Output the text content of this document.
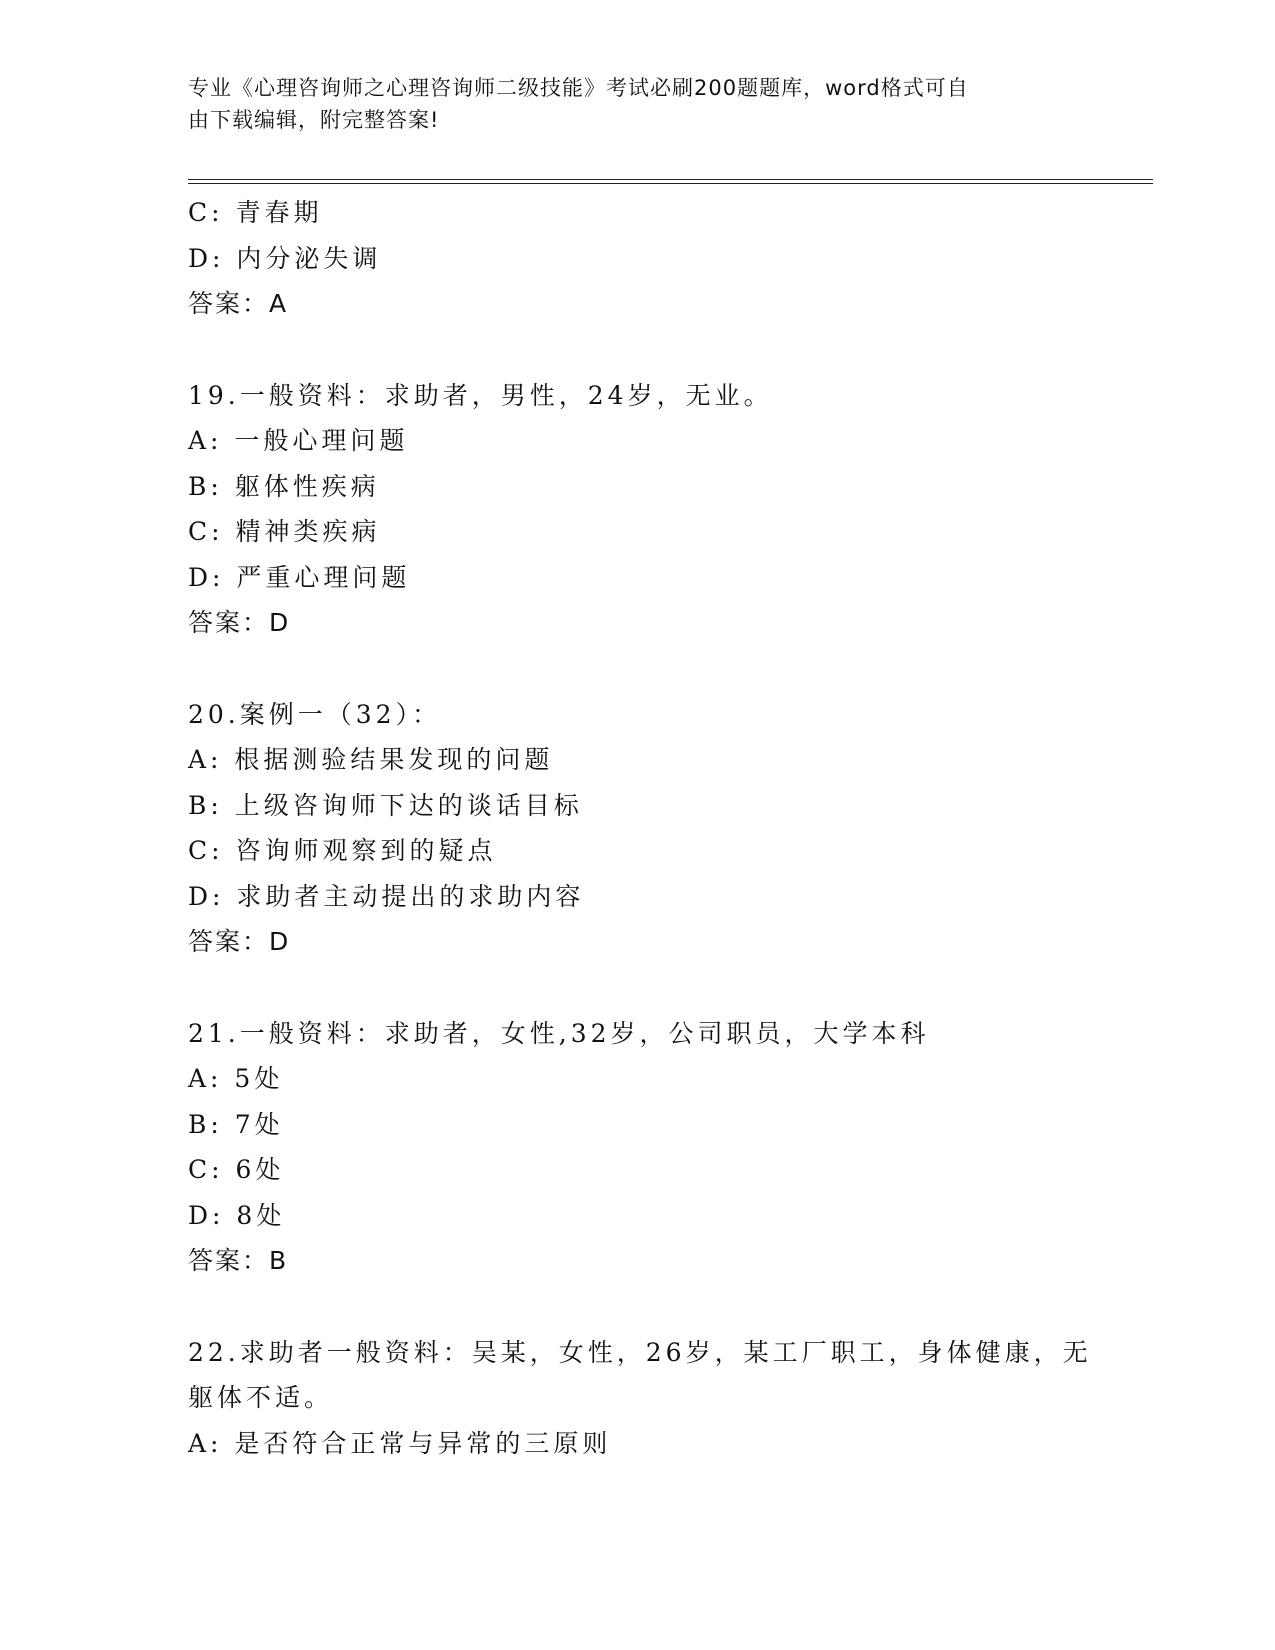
专业《心理咨询师之心理咨询师二级技能》考试必刷200题题库，word格式可自
由下载编辑，附完整答案!
C: 青春期
D: 内分泌失调
答案：A
19.一般资料：求助者，男性，24岁，无业。
A: 一般心理问题
B: 躯体性疾病
C: 精神类疾病
D: 严重心理问题
答案：D
20.案例一（32）：
A: 根据测验结果发现的问题
B: 上级咨询师下达的谈话目标
C: 咨询师观察到的疑点
D: 求助者主动提出的求助内容
答案：D
21.一般资料：求助者，女性,32岁，公司职员，大学本科
A: 5处
B: 7处
C: 6处
D: 8处
答案：B
22.求助者一般资料：吴某，女性，26岁，某工厂职工，身体健康，无
躯体不适。
A: 是否符合正常与异常的三原则
